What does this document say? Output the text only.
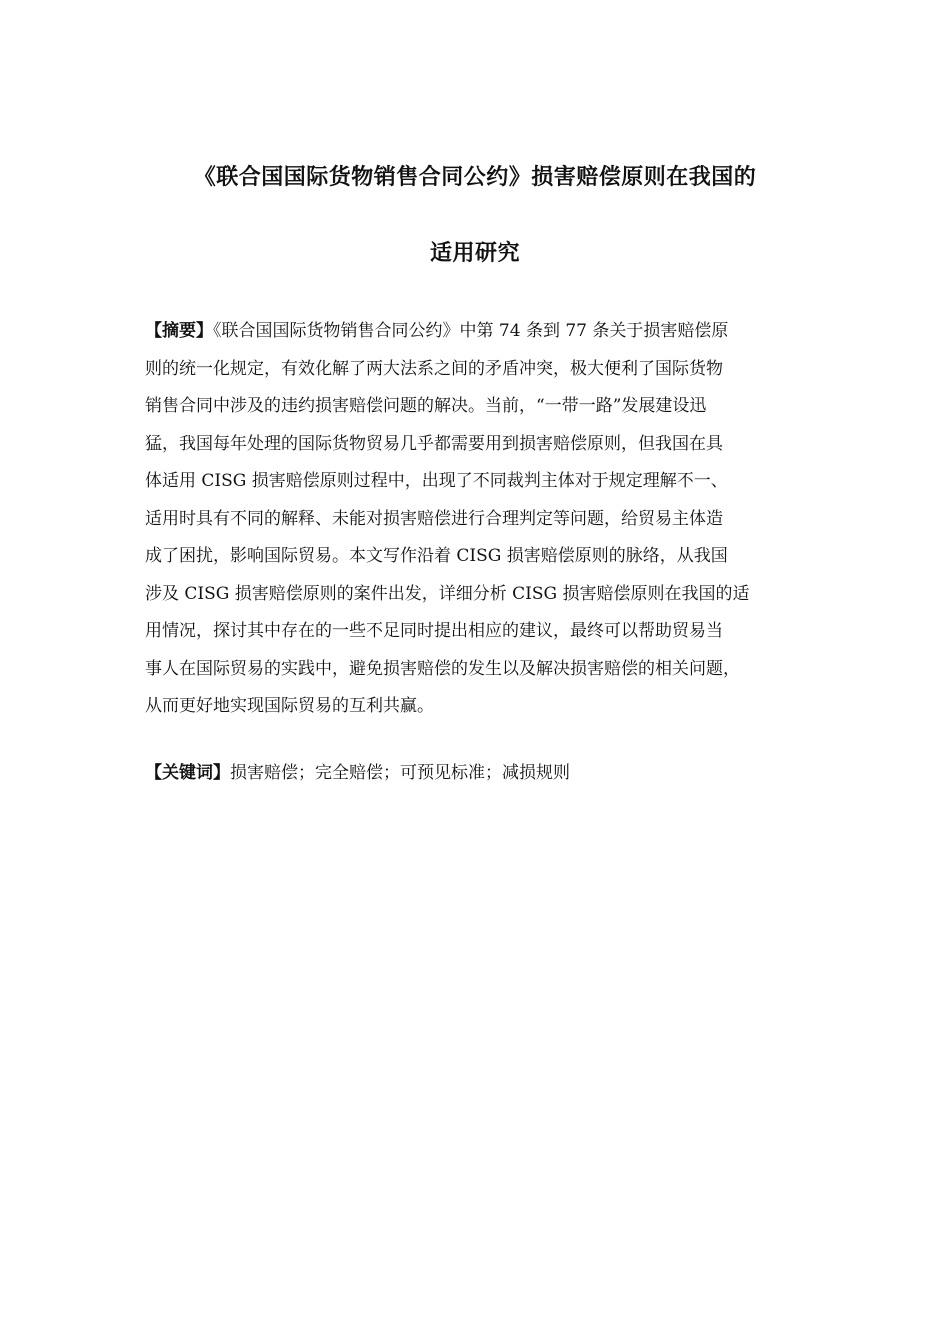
《联合国国际货物销售合同公约》损害赔偿原则在我国的
适用研究
【摘要】《联合国国际货物销售合同公约》中第 74 条到 77 条关于损害赔偿原
则的统一化规定，有效化解了两大法系之间的矛盾冲突，极大便利了国际货物
销售合同中涉及的违约损害赔偿问题的解决。当前，“一带一路”发展建设迅
猛，我国每年处理的国际货物贸易几乎都需要用到损害赔偿原则，但我国在具
体适用 CISG 损害赔偿原则过程中，出现了不同裁判主体对于规定理解不一、
适用时具有不同的解释、未能对损害赔偿进行合理判定等问题，给贸易主体造
成了困扰，影响国际贸易。本文写作沿着 CISG 损害赔偿原则的脉络，从我国
涉及 CISG 损害赔偿原则的案件出发，详细分析 CISG 损害赔偿原则在我国的适
用情况，探讨其中存在的一些不足同时提出相应的建议，最终可以帮助贸易当
事人在国际贸易的实践中，避免损害赔偿的发生以及解决损害赔偿的相关问题，
从而更好地实现国际贸易的互利共赢。
【关键词】损害赔偿；完全赔偿；可预见标准；减损规则
